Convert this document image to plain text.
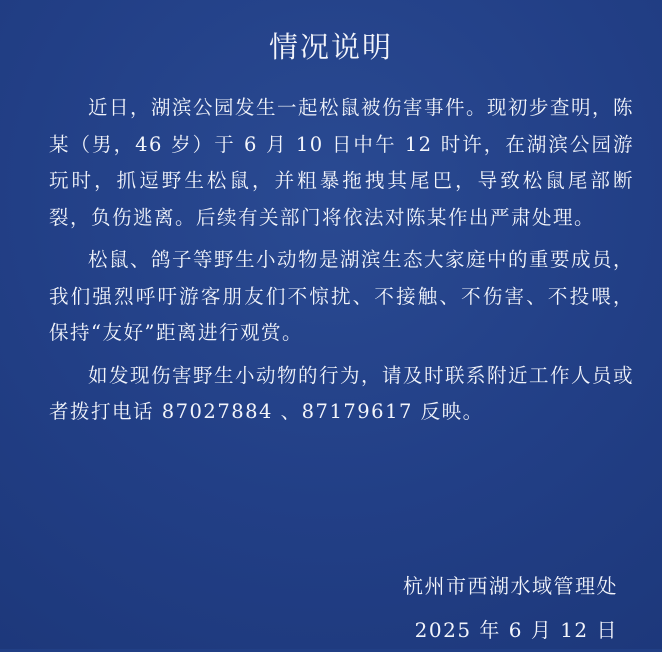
情况说明

近日，湖滨公园发生一起松鼠被伤害事件。现初步查明，陈某（男，46 岁）于 6 月 10 日中午 12 时许，在湖滨公园游玩时，抓逗野生松鼠，并粗暴拖拽其尾巴，导致松鼠尾部断裂，负伤逃离。后续有关部门将依法对陈某作出严肃处理。

松鼠、鸽子等野生小动物是湖滨生态大家庭中的重要成员，我们强烈呼吁游客朋友们不惊扰、不接触、不伤害、不投喂，保持“友好”距离进行观赏。

如发现伤害野生小动物的行为，请及时联系附近工作人员或者拨打电话 87027884 、87179617 反映。

杭州市西湖水域管理处
2025 年 6 月 12 日
